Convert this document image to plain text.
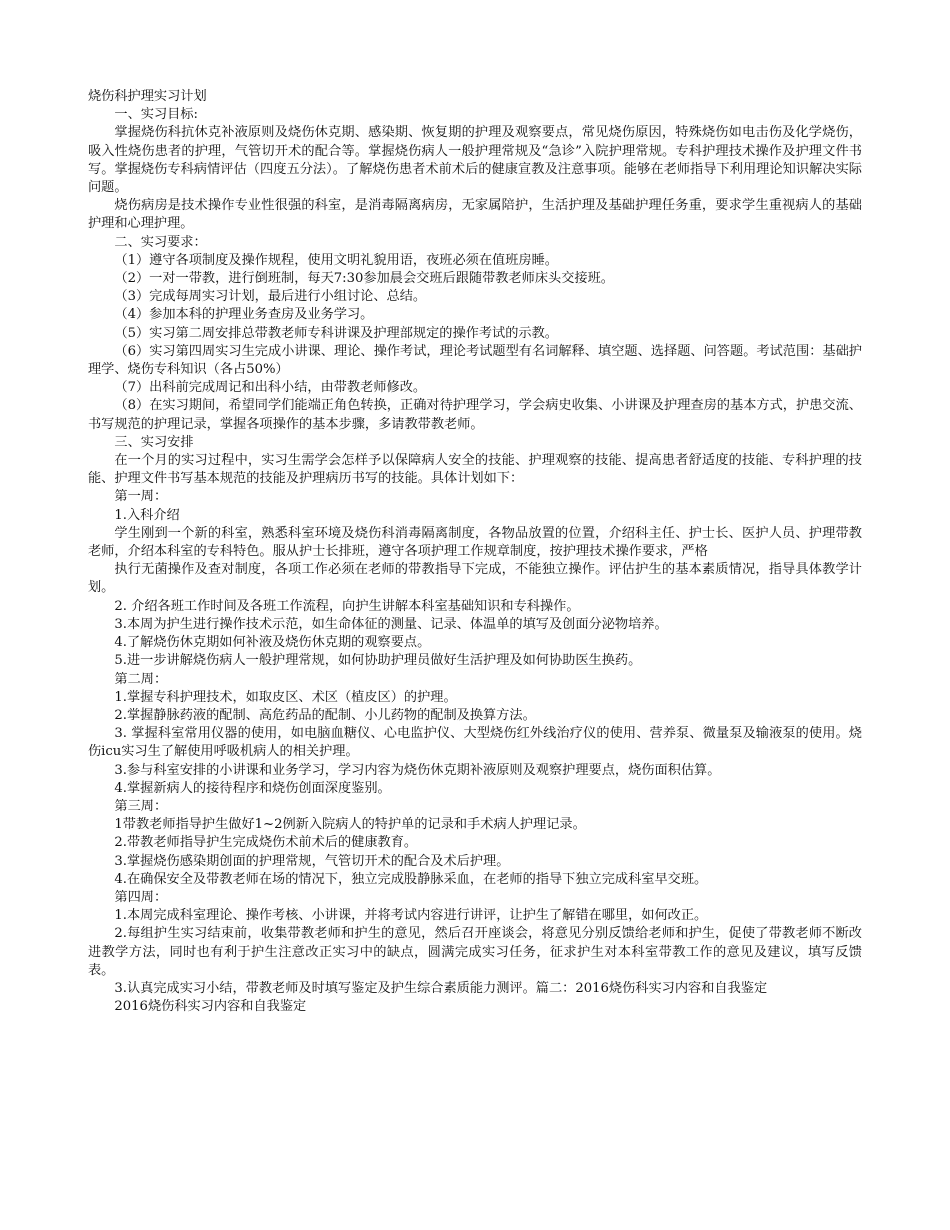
烧伤科护理实习计划
一、实习目标:
掌握烧伤科抗休克补液原则及烧伤休克期、感染期、恢复期的护理及观察要点，常见烧伤原因，特殊烧伤如电击伤及化学烧伤，吸入性烧伤患者的护理，气管切开术的配合等。掌握烧伤病人一般护理常规及“急诊”入院护理常规。专科护理技术操作及护理文件书写。掌握烧伤专科病情评估（四度五分法）。了解烧伤患者术前术后的健康宣教及注意事项。能够在老师指导下利用理论知识解决实际问题。
烧伤病房是技术操作专业性很强的科室，是消毒隔离病房，无家属陪护，生活护理及基础护理任务重，要求学生重视病人的基础护理和心理护理。
二、实习要求：
（1）遵守各项制度及操作规程，使用文明礼貌用语，夜班必须在值班房睡。
（2）一对一带教，进行倒班制，每天7:30参加晨会交班后跟随带教老师床头交接班。
（3）完成每周实习计划，最后进行小组讨论、总结。
（4）参加本科的护理业务查房及业务学习。
（5）实习第二周安排总带教老师专科讲课及护理部规定的操作考试的示教。
（6）实习第四周实习生完成小讲课、理论、操作考试，理论考试题型有名词解释、填空题、选择题、问答题。考试范围：基础护理学、烧伤专科知识（各占50%）
（7）出科前完成周记和出科小结，由带教老师修改。
（8）在实习期间，希望同学们能端正角色转换，正确对待护理学习，学会病史收集、小讲课及护理查房的基本方式，护患交流、书写规范的护理记录，掌握各项操作的基本步骤，多请教带教老师。
三、实习安排
在一个月的实习过程中，实习生需学会怎样予以保障病人安全的技能、护理观察的技能、提高患者舒适度的技能、专科护理的技能、护理文件书写基本规范的技能及护理病历书写的技能。具体计划如下：
第一周：
1.入科介绍
学生刚到一个新的科室，熟悉科室环境及烧伤科消毒隔离制度，各物品放置的位置，介绍科主任、护士长、医护人员、护理带教老师，介绍本科室的专科特色。服从护士长排班，遵守各项护理工作规章制度，按护理技术操作要求，严格
执行无菌操作及查对制度，各项工作必须在老师的带教指导下完成，不能独立操作。评估护生的基本素质情况，指导具体教学计划。
2. 介绍各班工作时间及各班工作流程，向护生讲解本科室基础知识和专科操作。
3.本周为护生进行操作技术示范，如生命体征的测量、记录、体温单的填写及创面分泌物培养。
4.了解烧伤休克期如何补液及烧伤休克期的观察要点。
5.进一步讲解烧伤病人一般护理常规，如何协助护理员做好生活护理及如何协助医生换药。
第二周：
1.掌握专科护理技术，如取皮区、术区（植皮区）的护理。
2.掌握静脉药液的配制、高危药品的配制、小儿药物的配制及换算方法。
3. 掌握科室常用仪器的使用，如电脑血糖仪、心电监护仪、大型烧伤红外线治疗仪的使用、营养泵、微量泵及输液泵的使用。烧伤icu实习生了解使用呼吸机病人的相关护理。
3.参与科室安排的小讲课和业务学习，学习内容为烧伤休克期补液原则及观察护理要点，烧伤面积估算。
4.掌握新病人的接待程序和烧伤创面深度鉴别。
第三周：
1带教老师指导护生做好1~2例新入院病人的特护单的记录和手术病人护理记录。
2.带教老师指导护生完成烧伤术前术后的健康教育。
3.掌握烧伤感染期创面的护理常规，气管切开术的配合及术后护理。
4.在确保安全及带教老师在场的情况下，独立完成股静脉采血，在老师的指导下独立完成科室早交班。
第四周：
1.本周完成科室理论、操作考核、小讲课，并将考试内容进行讲评，让护生了解错在哪里，如何改正。
2.每组护生实习结束前，收集带教老师和护生的意见，然后召开座谈会，将意见分别反馈给老师和护生，促使了带教老师不断改进教学方法，同时也有利于护生注意改正实习中的缺点，圆满完成实习任务，征求护生对本科室带教工作的意见及建议，填写反馈表。
3.认真完成实习小结，带教老师及时填写鉴定及护生综合素质能力测评。篇二：2016烧伤科实习内容和自我鉴定
2016烧伤科实习内容和自我鉴定
